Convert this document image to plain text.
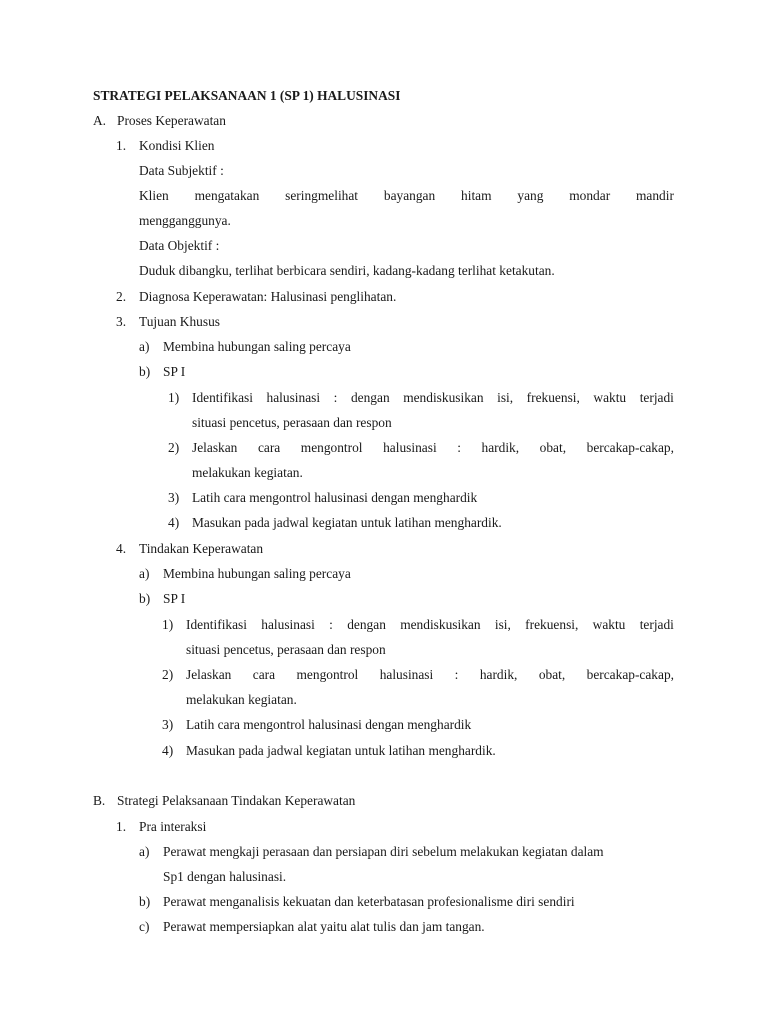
STRATEGI PELAKSANAAN 1 (SP 1) HALUSINASI
A. Proses Keperawatan
1. Kondisi Klien
Data Subjektif :
Klien mengatakan seringmelihat bayangan hitam yang mondar mandir
mengganggunya.
Data Objektif :
Duduk dibangku, terlihat berbicara sendiri, kadang-kadang terlihat ketakutan.
2. Diagnosa Keperawatan: Halusinasi penglihatan.
3. Tujuan Khusus
a) Membina hubungan saling percaya
b) SP I
1) Identifikasi halusinasi : dengan mendiskusikan isi, frekuensi, waktu terjadi
situasi pencetus, perasaan dan respon
2) Jelaskan cara mengontrol halusinasi : hardik, obat, bercakap-cakap,
melakukan kegiatan.
3) Latih cara mengontrol halusinasi dengan menghardik
4) Masukan pada jadwal kegiatan untuk latihan menghardik.
4. Tindakan Keperawatan
a) Membina hubungan saling percaya
b) SP I
1) Identifikasi halusinasi : dengan mendiskusikan isi, frekuensi, waktu terjadi
situasi pencetus, perasaan dan respon
2) Jelaskan cara mengontrol halusinasi : hardik, obat, bercakap-cakap,
melakukan kegiatan.
3) Latih cara mengontrol halusinasi dengan menghardik
4) Masukan pada jadwal kegiatan untuk latihan menghardik.
B. Strategi Pelaksanaan Tindakan Keperawatan
1. Pra interaksi
a) Perawat mengkaji perasaan dan persiapan diri sebelum melakukan kegiatan dalam
Sp1 dengan halusinasi.
b) Perawat menganalisis kekuatan dan keterbatasan profesionalisme diri sendiri
c) Perawat mempersiapkan alat yaitu alat tulis dan jam tangan.
